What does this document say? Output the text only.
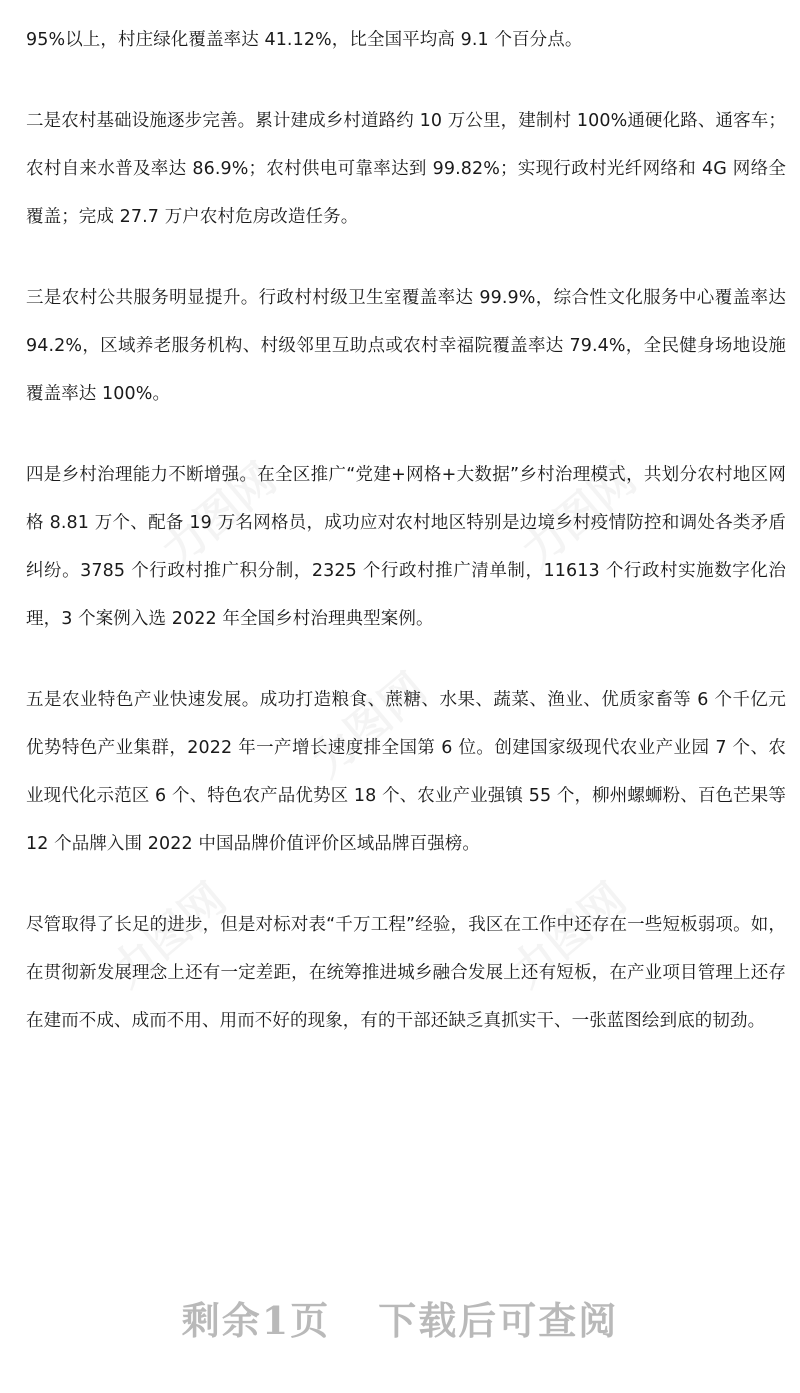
95%以上，村庄绿化覆盖率达 41.12%，比全国平均高 9.1 个百分点。

二是农村基础设施逐步完善。累计建成乡村道路约 10 万公里，建制村 100%通硬化路、通客车；农村自来水普及率达 86.9%；农村供电可靠率达到 99.82%；实现行政村光纤网络和 4G 网络全覆盖；完成 27.7 万户农村危房改造任务。

三是农村公共服务明显提升。行政村村级卫生室覆盖率达 99.9%，综合性文化服务中心覆盖率达 94.2%，区域养老服务机构、村级邻里互助点或农村幸福院覆盖率达 79.4%，全民健身场地设施覆盖率达 100%。

四是乡村治理能力不断增强。在全区推广“党建+网格+大数据”乡村治理模式，共划分农村地区网格 8.81 万个、配备 19 万名网格员，成功应对农村地区特别是边境乡村疫情防控和调处各类矛盾纠纷。3785 个行政村推广积分制，2325 个行政村推广清单制，11613 个行政村实施数字化治理，3 个案例入选 2022 年全国乡村治理典型案例。

五是农业特色产业快速发展。成功打造粮食、蔗糖、水果、蔬菜、渔业、优质家畜等 6 个千亿元优势特色产业集群，2022 年一产增长速度排全国第 6 位。创建国家级现代农业产业园 7 个、农业现代化示范区 6 个、特色农产品优势区 18 个、农业产业强镇 55 个，柳州螺蛳粉、百色芒果等 12 个品牌入围 2022 中国品牌价值评价区域品牌百强榜。

尽管取得了长足的进步，但是对标对表“千万工程”经验，我区在工作中还存在一些短板弱项。如，在贯彻新发展理念上还有一定差距，在统筹推进城乡融合发展上还有短板，在产业项目管理上还存在建而不成、成而不用、用而不好的现象，有的干部还缺乏真抓实干、一张蓝图绘到底的韧劲。

剩余1页 下载后可查阅
